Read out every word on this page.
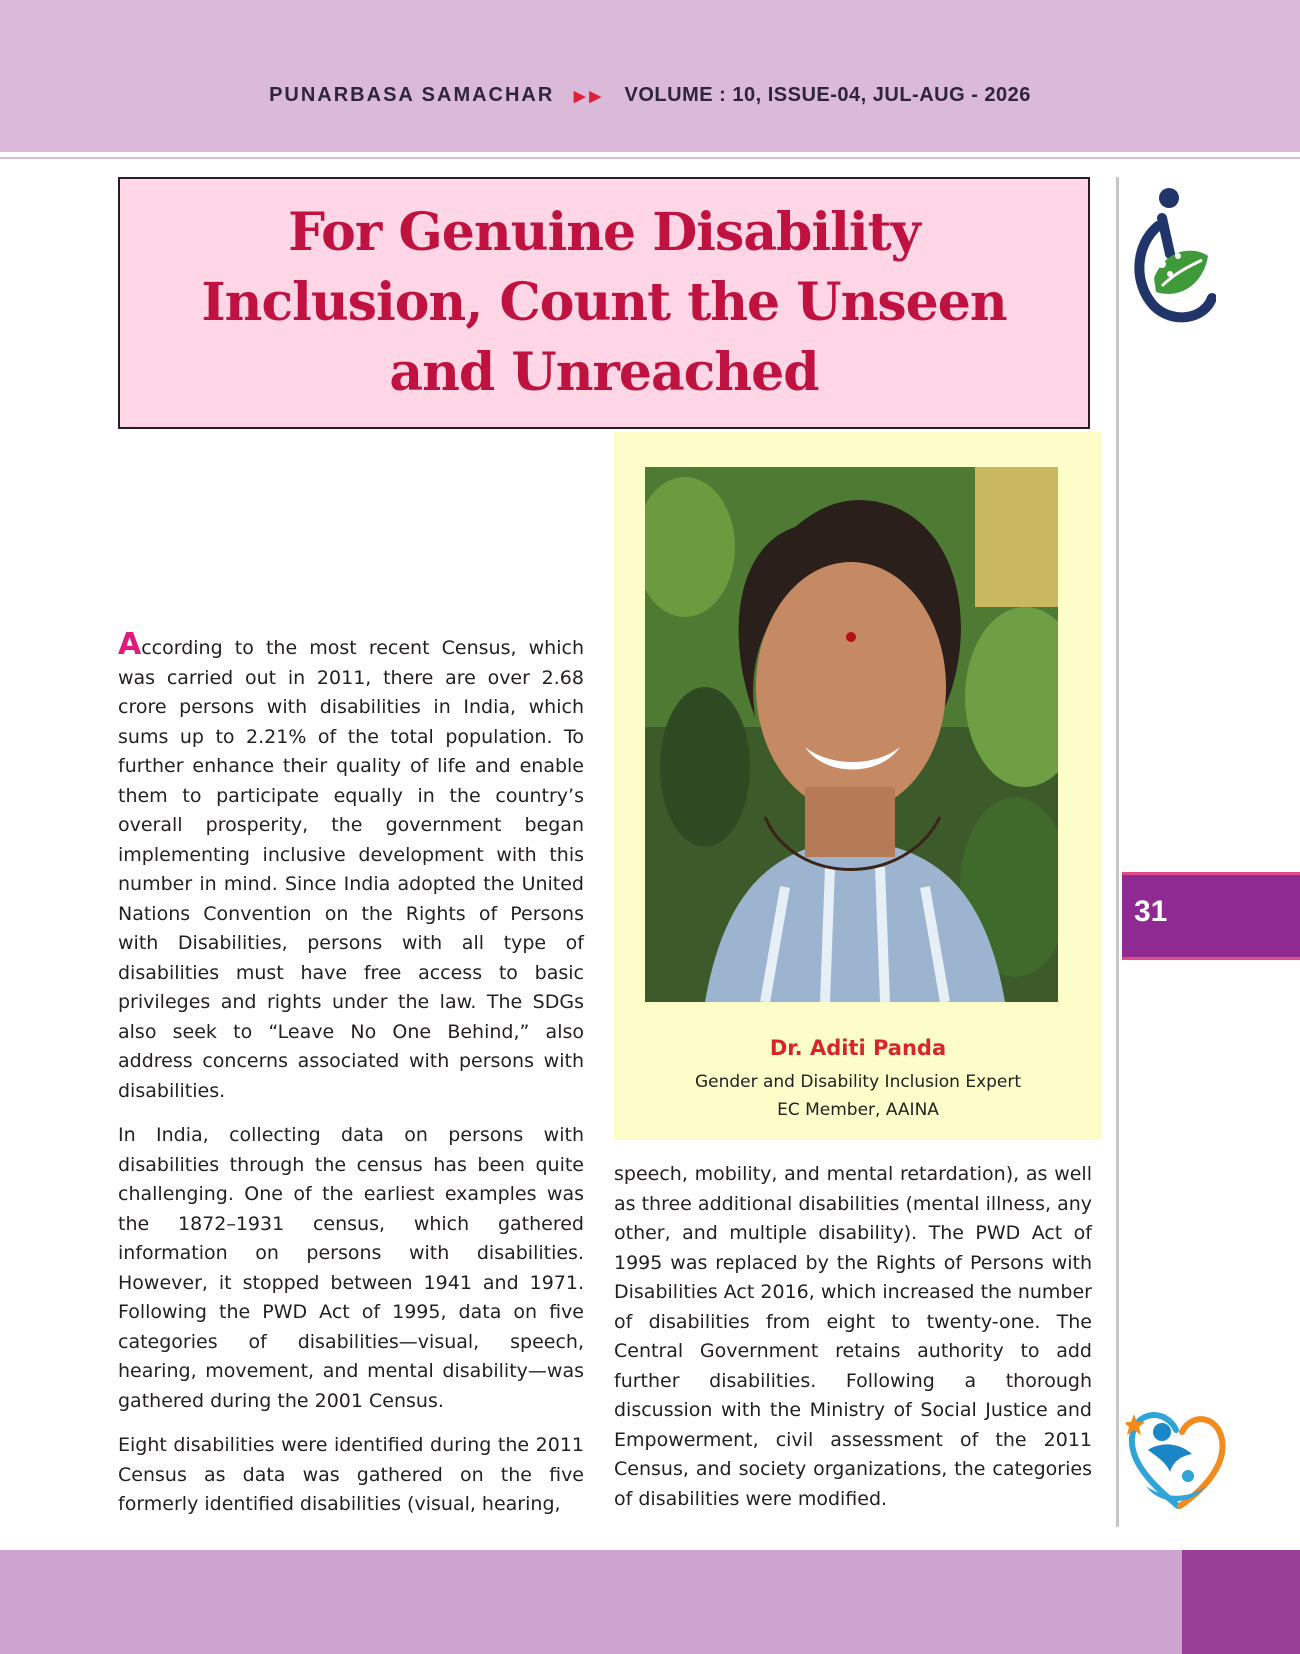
PUNARBASA SAMACHAR ▶▶ VOLUME : 10, ISSUE-04, JUL-AUG - 2026
For Genuine Disability Inclusion, Count the Unseen and Unreached
31

According to the most recent Census, which was carried out in 2011, there are over 2.68 crore persons with disabilities in India, which sums up to 2.21% of the total population. To further enhance their quality of life and enable them to participate equally in the country’s overall prosperity, the government began implementing inclusive development with this number in mind. Since India adopted the United Nations Convention on the Rights of Persons with Disabilities, persons with all type of disabilities must have free access to basic privileges and rights under the law. The SDGs also seek to “Leave No One Behind,” also address concerns associated with persons with disabilities.

In India, collecting data on persons with disabilities through the census has been quite challenging. One of the earliest examples was the 1872–1931 census, which gathered information on persons with disabilities. However, it stopped between 1941 and 1971. Following the PWD Act of 1995, data on five categories of disabilities—visual, speech, hearing, movement, and mental disability—was gathered during the 2001 Census.

Eight disabilities were identified during the 2011 Census as data was gathered on the five formerly identified disabilities (visual, hearing,

Dr. Aditi Panda
Gender and Disability Inclusion Expert
EC Member, AAINA

speech, mobility, and mental retardation), as well as three additional disabilities (mental illness, any other, and multiple disability). The PWD Act of 1995 was replaced by the Rights of Persons with Disabilities Act 2016, which increased the number of disabilities from eight to twenty-one. The Central Government retains authority to add further disabilities. Following a thorough discussion with the Ministry of Social Justice and Empowerment, civil assessment of the 2011 Census, and society organizations, the categories of disabilities were modified.
